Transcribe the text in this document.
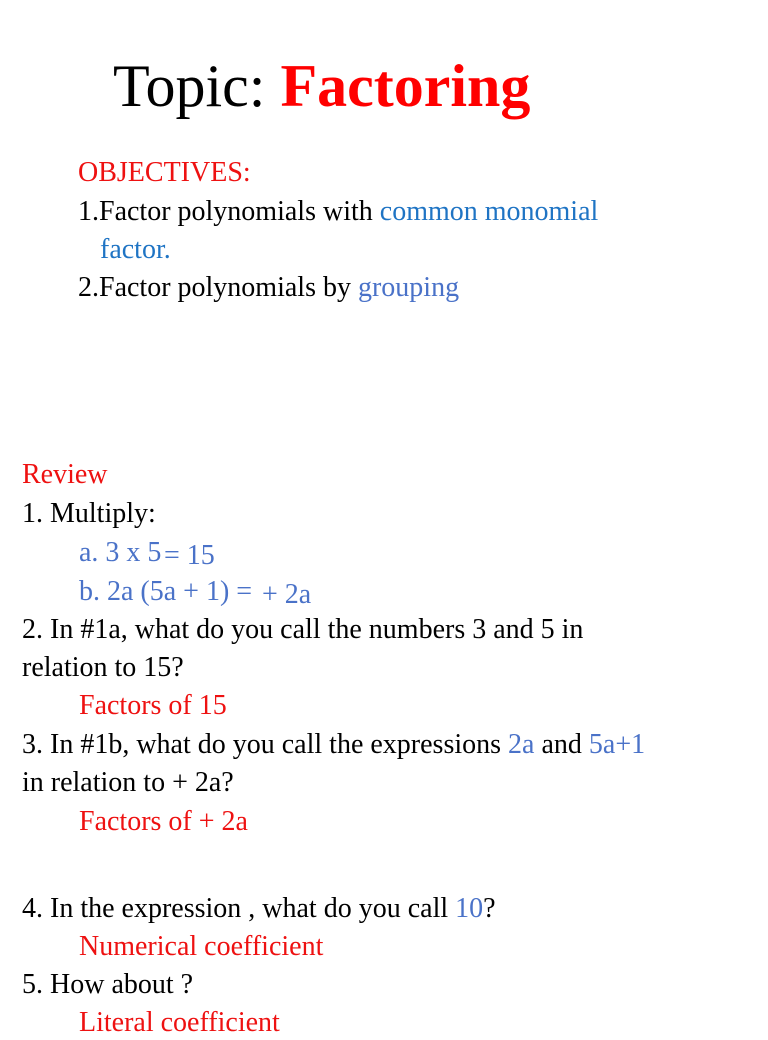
Topic: Factoring
OBJECTIVES:
1.Factor polynomials with common monomial
factor.
2.Factor polynomials by grouping
Review
1. Multiply:
a. 3 x 5 = 15
b. 2a (5a + 1) = + 2a
2. In #1a, what do you call the numbers 3 and 5 in
relation to 15?
Factors of 15
3. In #1b, what do you call the expressions 2a and 5a+1
in relation to + 2a?
Factors of + 2a
4. In the expression , what do you call 10?
Numerical coefficient
5. How about ?
Literal coefficient
